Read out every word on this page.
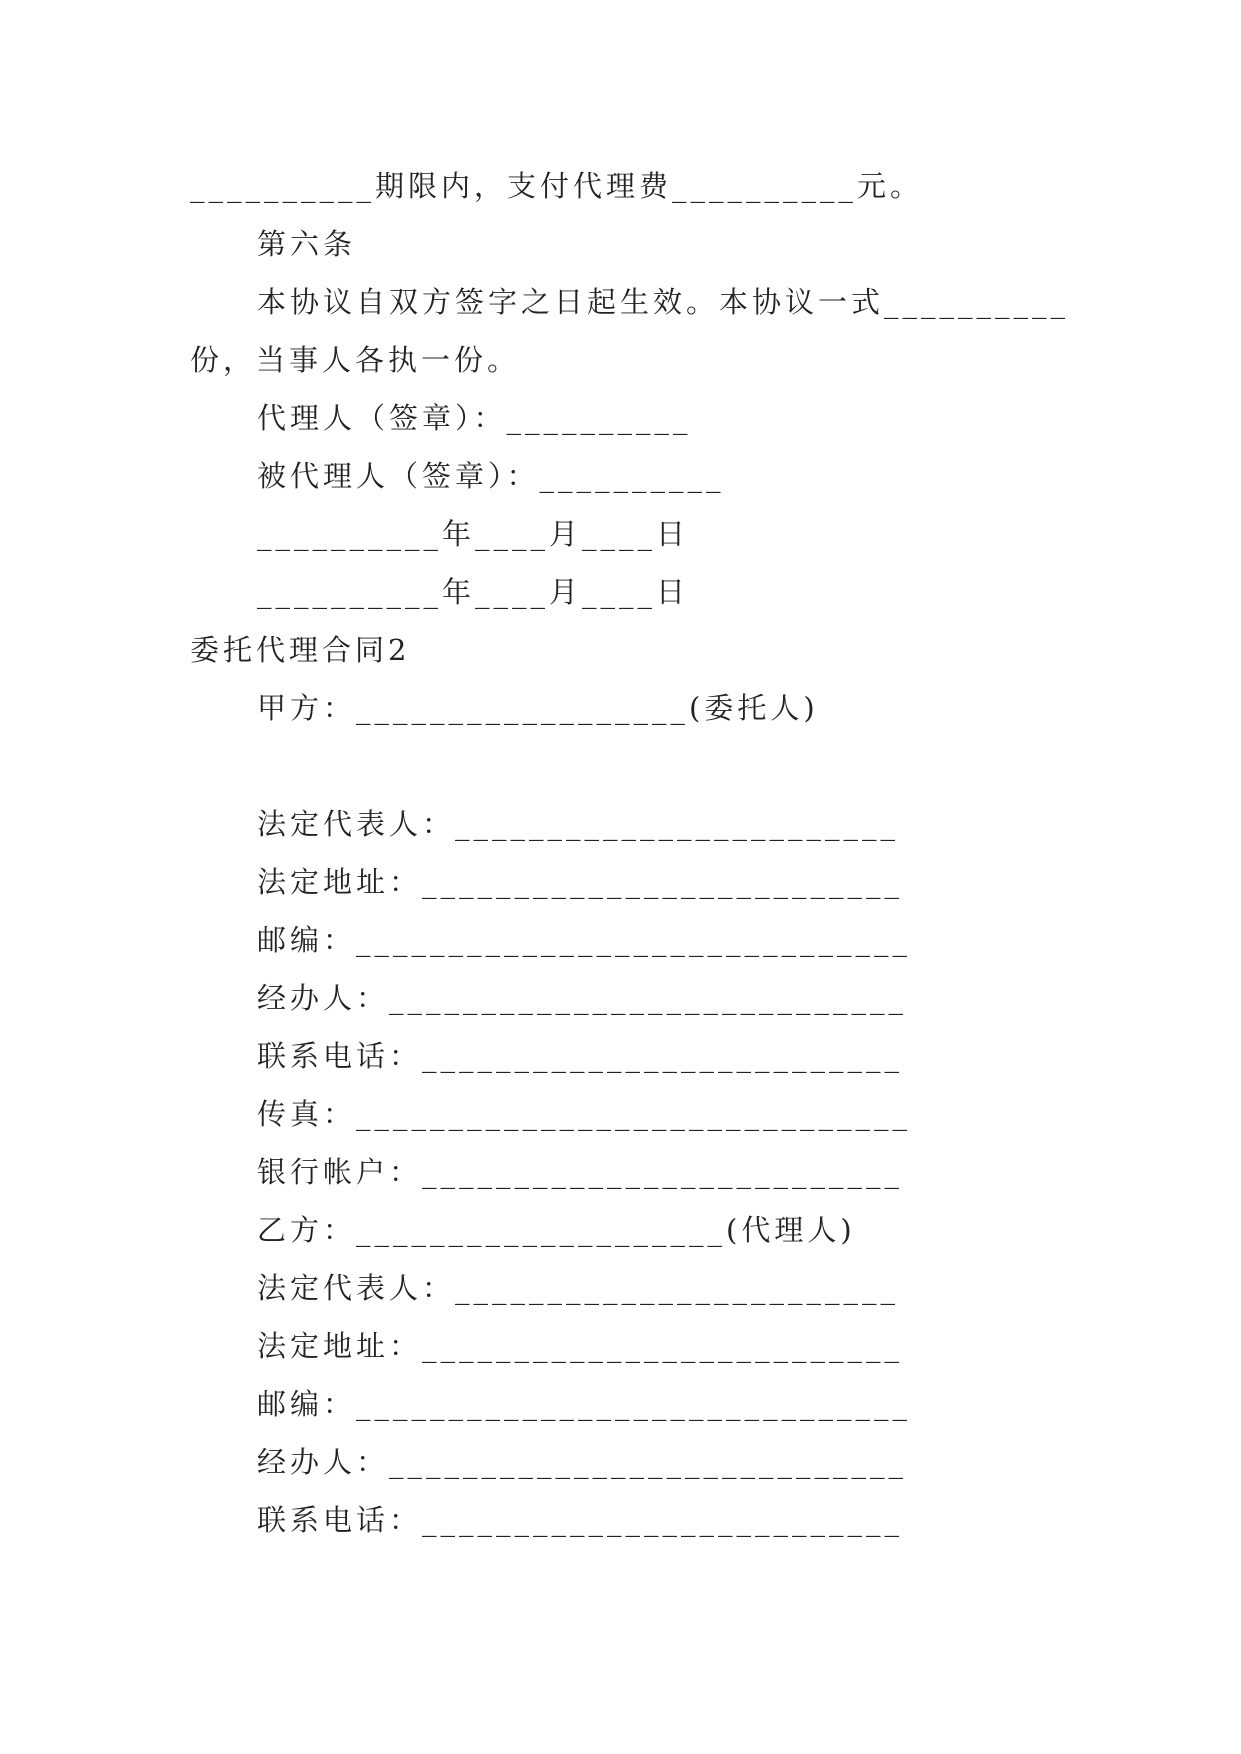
__________期限内，支付代理费__________元。
第六条
本协议自双方签字之日起生效。本协议一式__________
份，当事人各执一份。
代理人（签章）：__________
被代理人（签章）：__________
__________年____月____日
__________年____月____日
委托代理合同2
甲方：__________________(委托人)
法定代表人：________________________
法定地址：__________________________
邮编：______________________________
经办人：____________________________
联系电话：__________________________
传真：______________________________
银行帐户：__________________________
乙方：____________________(代理人)
法定代表人：________________________
法定地址：__________________________
邮编：______________________________
经办人：____________________________
联系电话：__________________________
